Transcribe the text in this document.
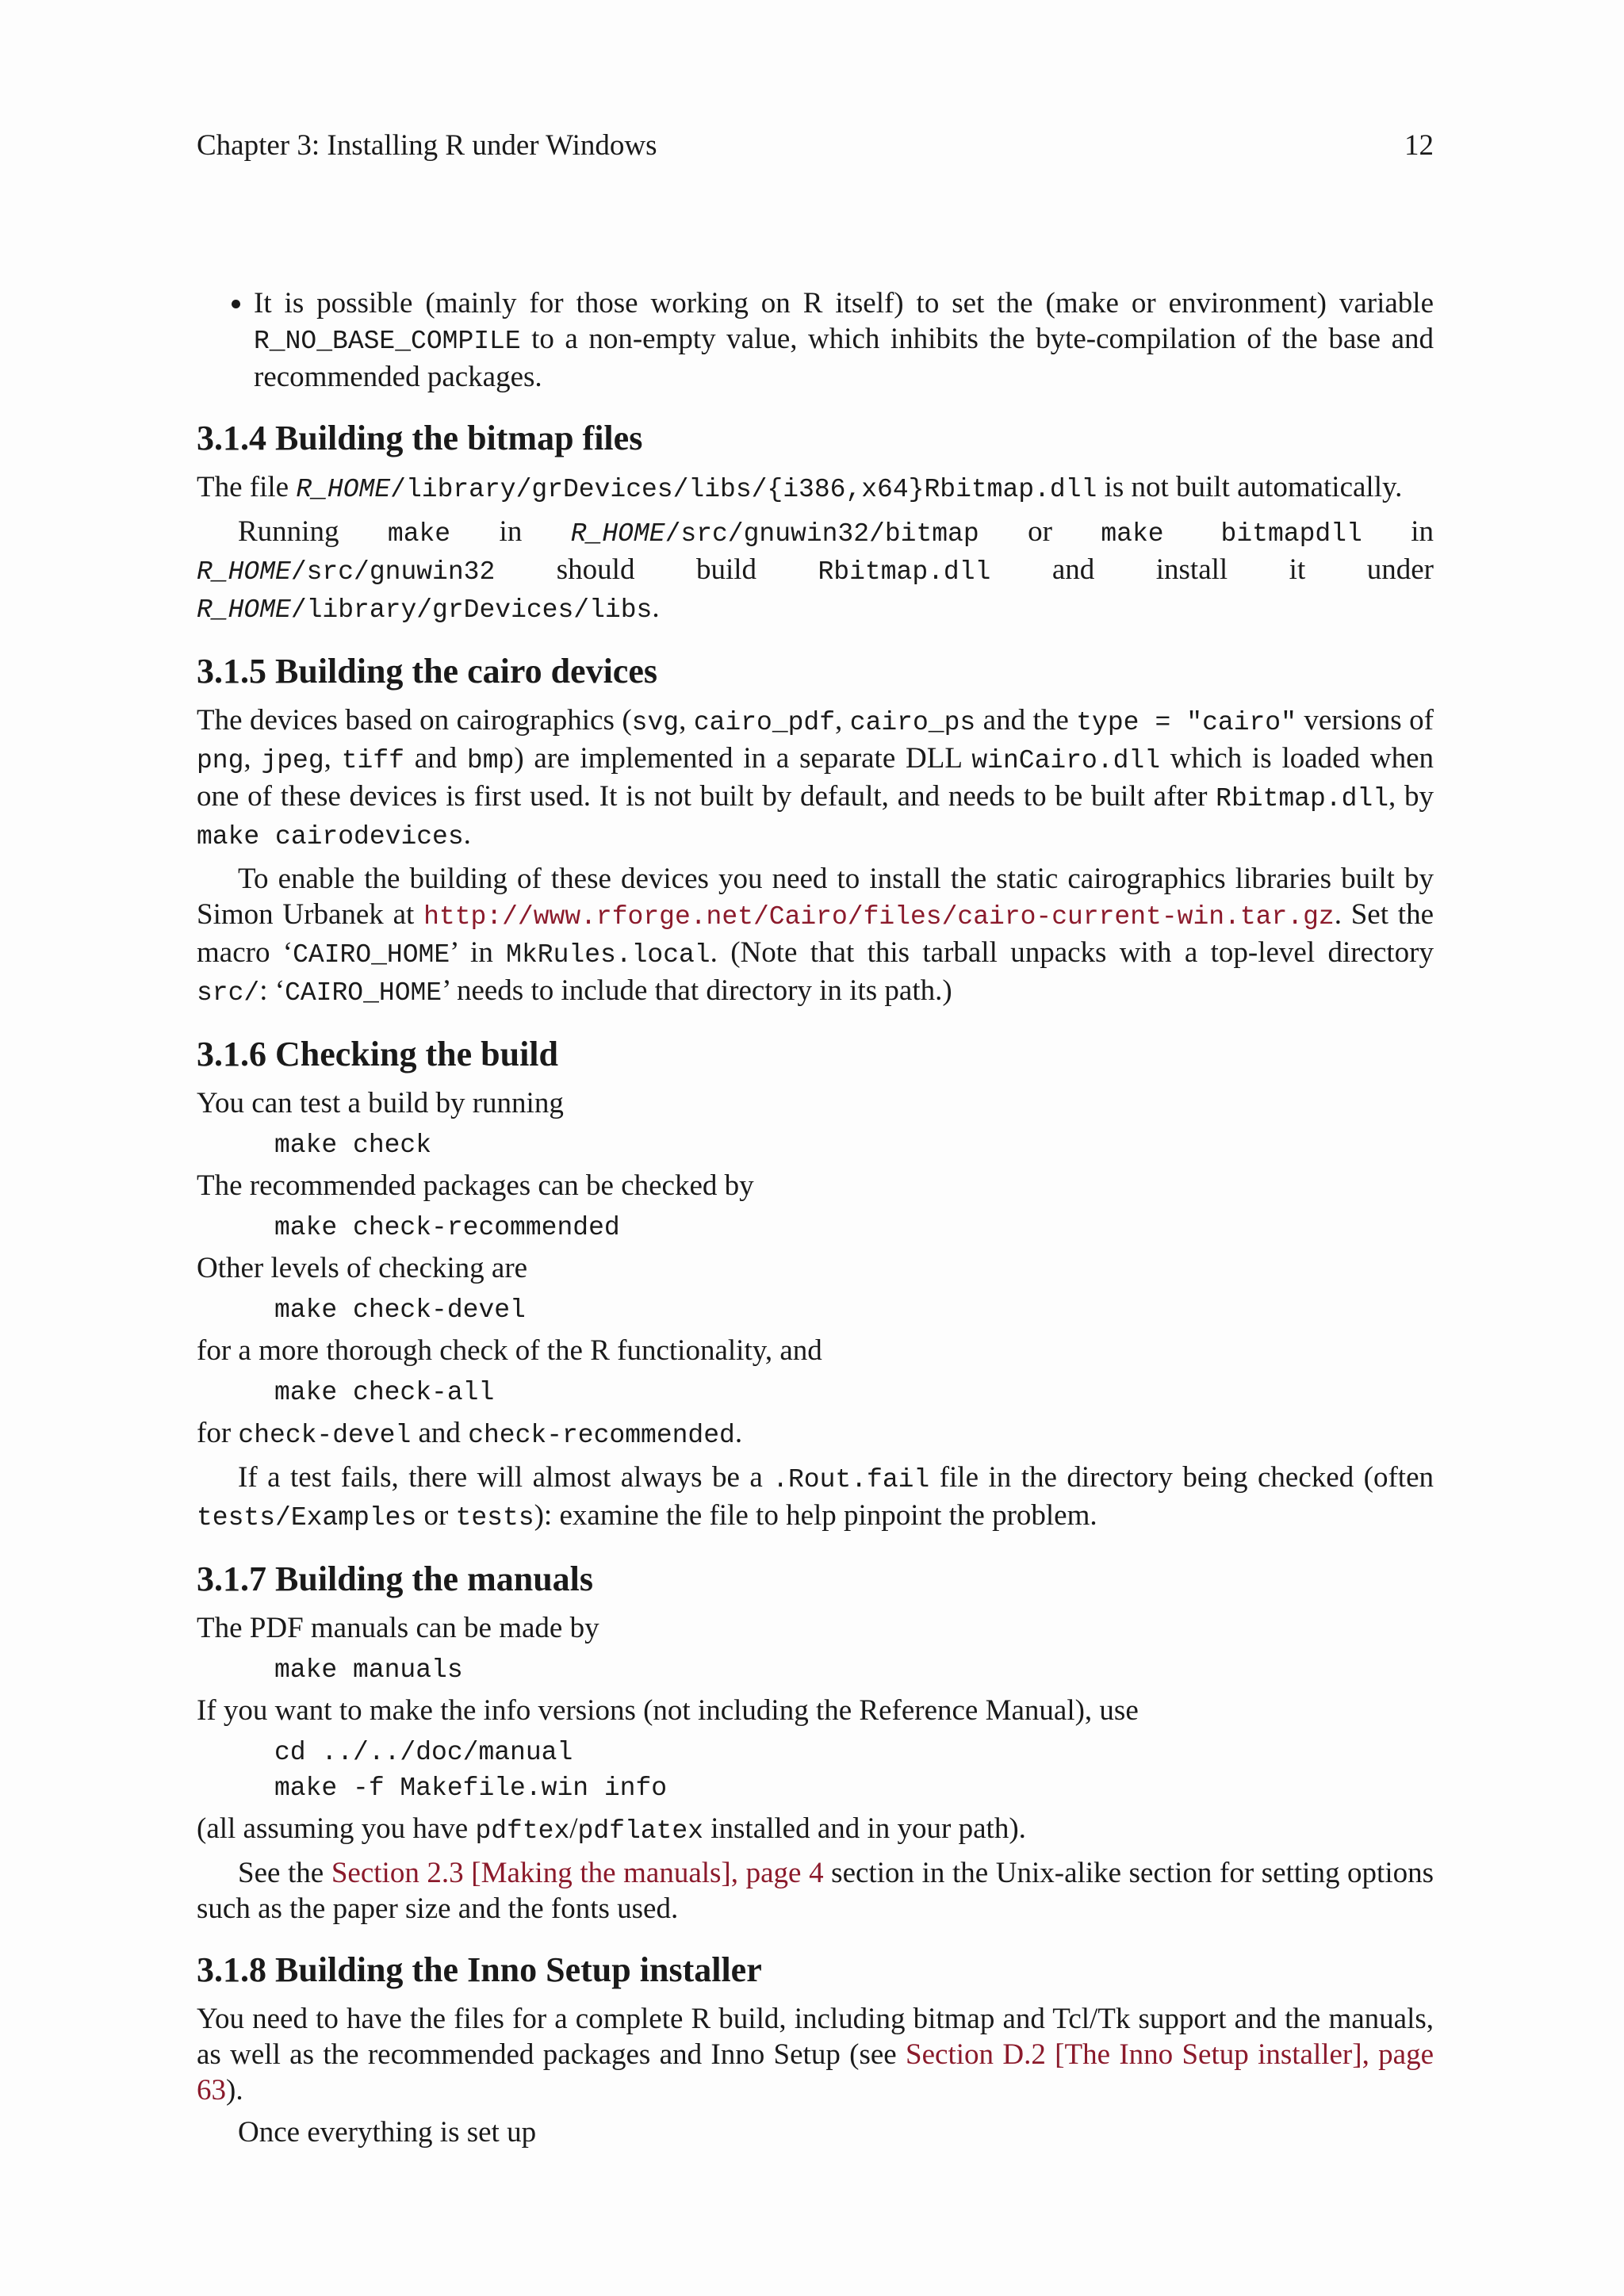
Chapter 3: Installing R under Windows	12
• It is possible (mainly for those working on R itself) to set the (make or environment) variable R_NO_BASE_COMPILE to a non-empty value, which inhibits the byte-compilation of the base and recommended packages.
3.1.4 Building the bitmap files

The file R_HOME/library/grDevices/libs/{i386,x64}Rbitmap.dll is not built automatically.

Running make in R_HOME/src/gnuwin32/bitmap or make bitmapdll in R_HOME/src/gnuwin32 should build Rbitmap.dll and install it under R_HOME/library/grDevices/libs.

3.1.5 Building the cairo devices

The devices based on cairographics (svg, cairo_pdf, cairo_ps and the type = "cairo" versions of png, jpeg, tiff and bmp) are implemented in a separate DLL winCairo.dll which is loaded when one of these devices is first used. It is not built by default, and needs to be built after Rbitmap.dll, by make cairodevices.

To enable the building of these devices you need to install the static cairographics libraries built by Simon Urbanek at http://www.rforge.net/Cairo/files/cairo-current-win.tar.gz. Set the macro ‘CAIRO_HOME’ in MkRules.local. (Note that this tarball unpacks with a top-level directory src/: ‘CAIRO_HOME’ needs to include that directory in its path.)

3.1.6 Checking the build

You can test a build by running

make check

The recommended packages can be checked by

make check-recommended

Other levels of checking are

make check-devel

for a more thorough check of the R functionality, and

make check-all

for check-devel and check-recommended.

If a test fails, there will almost always be a .Rout.fail file in the directory being checked (often tests/Examples or tests): examine the file to help pinpoint the problem.

3.1.7 Building the manuals

The PDF manuals can be made by

make manuals

If you want to make the info versions (not including the Reference Manual), use

cd ../../doc/manual
make -f Makefile.win info

(all assuming you have pdftex/pdflatex installed and in your path).

See the Section 2.3 [Making the manuals], page 4 section in the Unix-alike section for setting options such as the paper size and the fonts used.

3.1.8 Building the Inno Setup installer

You need to have the files for a complete R build, including bitmap and Tcl/Tk support and the manuals, as well as the recommended packages and Inno Setup (see Section D.2 [The Inno Setup installer], page 63).

Once everything is set up
